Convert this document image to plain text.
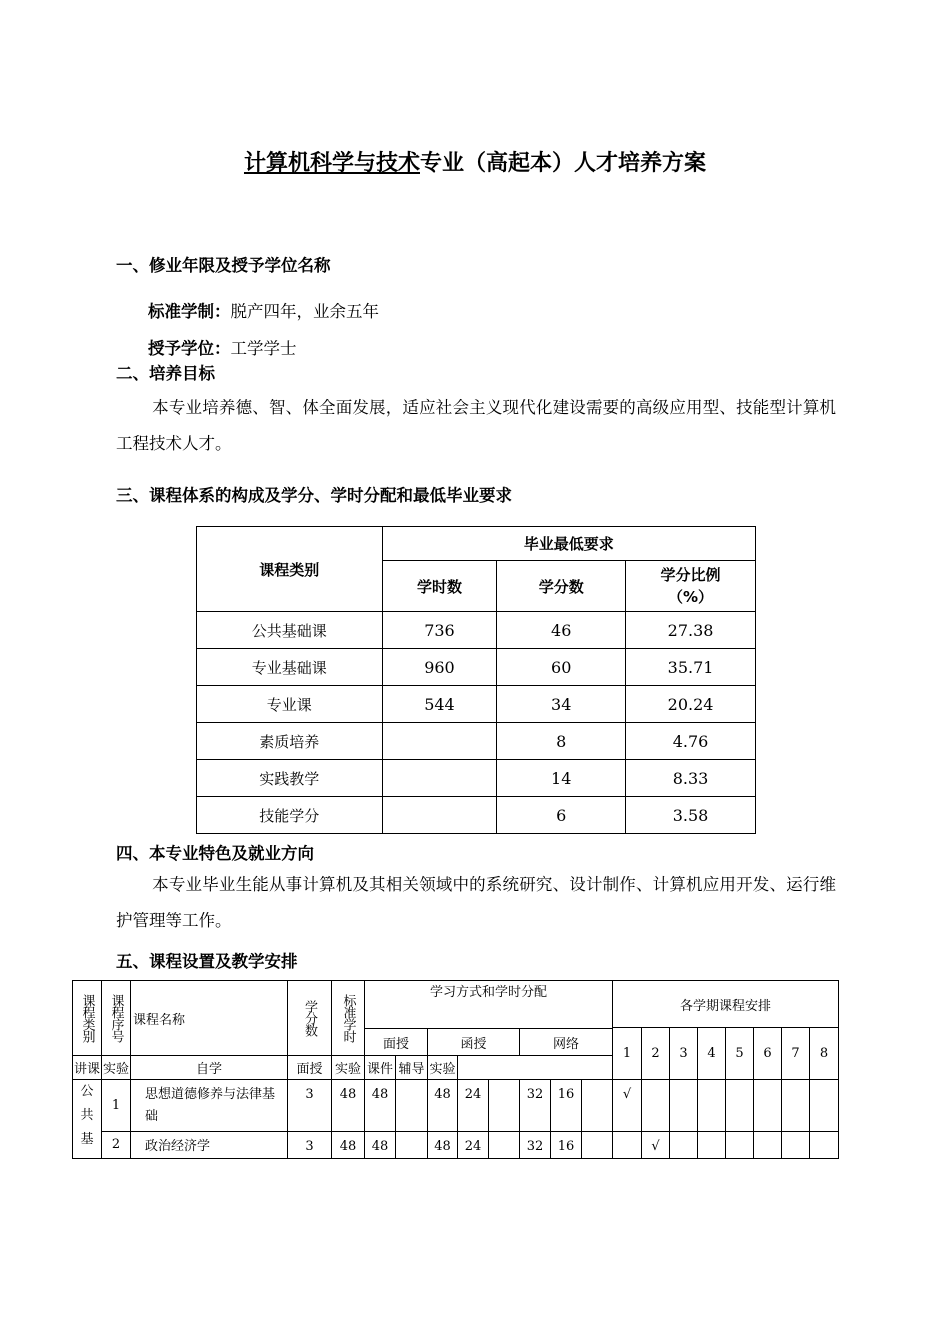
计算机科学与技术专业（高起本）人才培养方案
一、修业年限及授予学位名称
标准学制：脱产四年，业余五年
授予学位：工学学士
二、培养目标
本专业培养德、智、体全面发展，适应社会主义现代化建设需要的高级应用型、技能型计算机工程技术人才。
三、课程体系的构成及学分、学时分配和最低毕业要求
课程类别	毕业最低要求		
	学时数	学分数	学分比例（%）

公共基础课	736	46	27.38
专业基础课	960	60	35.71
专业课	544	34	20.24
素质培养		8	4.76
实践教学		14	8.33
技能学分		6	3.58
四、本专业特色及就业方向
本专业毕业生能从事计算机及其相关领域中的系统研究、设计制作、计算机应用开发、运行维护管理等工作。
五、课程设置及教学安排
课程类别	课程序号	课程名称	学分数	标准学时	学习方式和学时分配								各学期课程安排							
													1	2	3	4	5	6	7	8
					面授		函授			网络										
讲课	实验	自学	面授	实验	课件	辅导	实验													

公共基	1	思想道德修养与法律基础	3	48	48		48	24		32	16		√							
	2	政治经济学	3	48	48		48	24		32	16			√						
